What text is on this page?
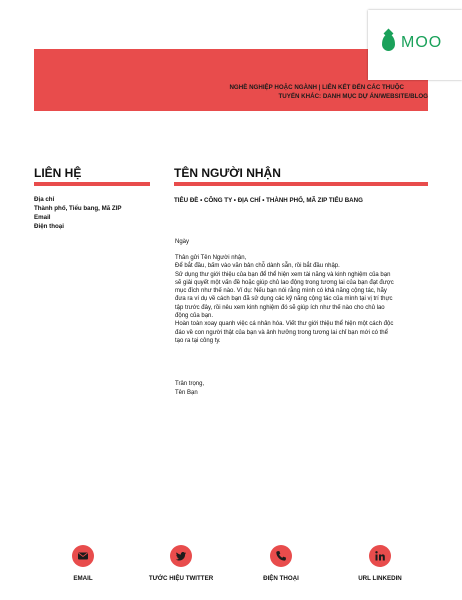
NGHỀ NGHIỆP HOẶC NGÀNH | LIÊN KẾT ĐẾN CÁC THUỘC
TUYẾN KHÁC: DANH MỤC DỰ ÁN/WEBSITE/BLOG
MOO
LIÊN HỆ
Địa chỉ
Thành phố, Tiểu bang, Mã ZIP
Email
Điện thoại
TÊN NGƯỜI NHẬN
TIÊU ĐỀ • CÔNG TY • ĐỊA CHỈ • THÀNH PHỐ, MÃ ZIP TIỂU BANG
Ngày

Thân gửi Tên Người nhận,

Để bắt đầu, bấm vào văn bản chỗ dành sẵn, rồi bắt đầu nhập.

Sử dụng thư giới thiệu của bạn để thể hiện xem tài năng và kinh nghiệm của bạn sẽ giải quyết một vấn đề hoặc giúp chủ lao động trong tương lai của bạn đạt được mục đích như thế nào. Ví dụ: Nếu bạn nói rằng mình có khả năng cộng tác, hãy đưa ra ví dụ về cách bạn đã sử dụng các kỹ năng cộng tác của mình tại vị trí thực tập trước đây, rồi nêu xem kinh nghiệm đó sẽ giúp ích như thế nào cho chủ lao động của bạn.

Hoàn toàn xoay quanh việc cá nhân hóa. Viết thư giới thiệu thể hiện một cách độc đáo về con người thật của bạn và ảnh hưởng trong tương lai chỉ bạn mới có thể tạo ra tại công ty.

Trân trọng,
Tên Bạn
EMAIL	TƯỚC HIỆU TWITTER	ĐIỆN THOẠI	URL LINKEDIN
